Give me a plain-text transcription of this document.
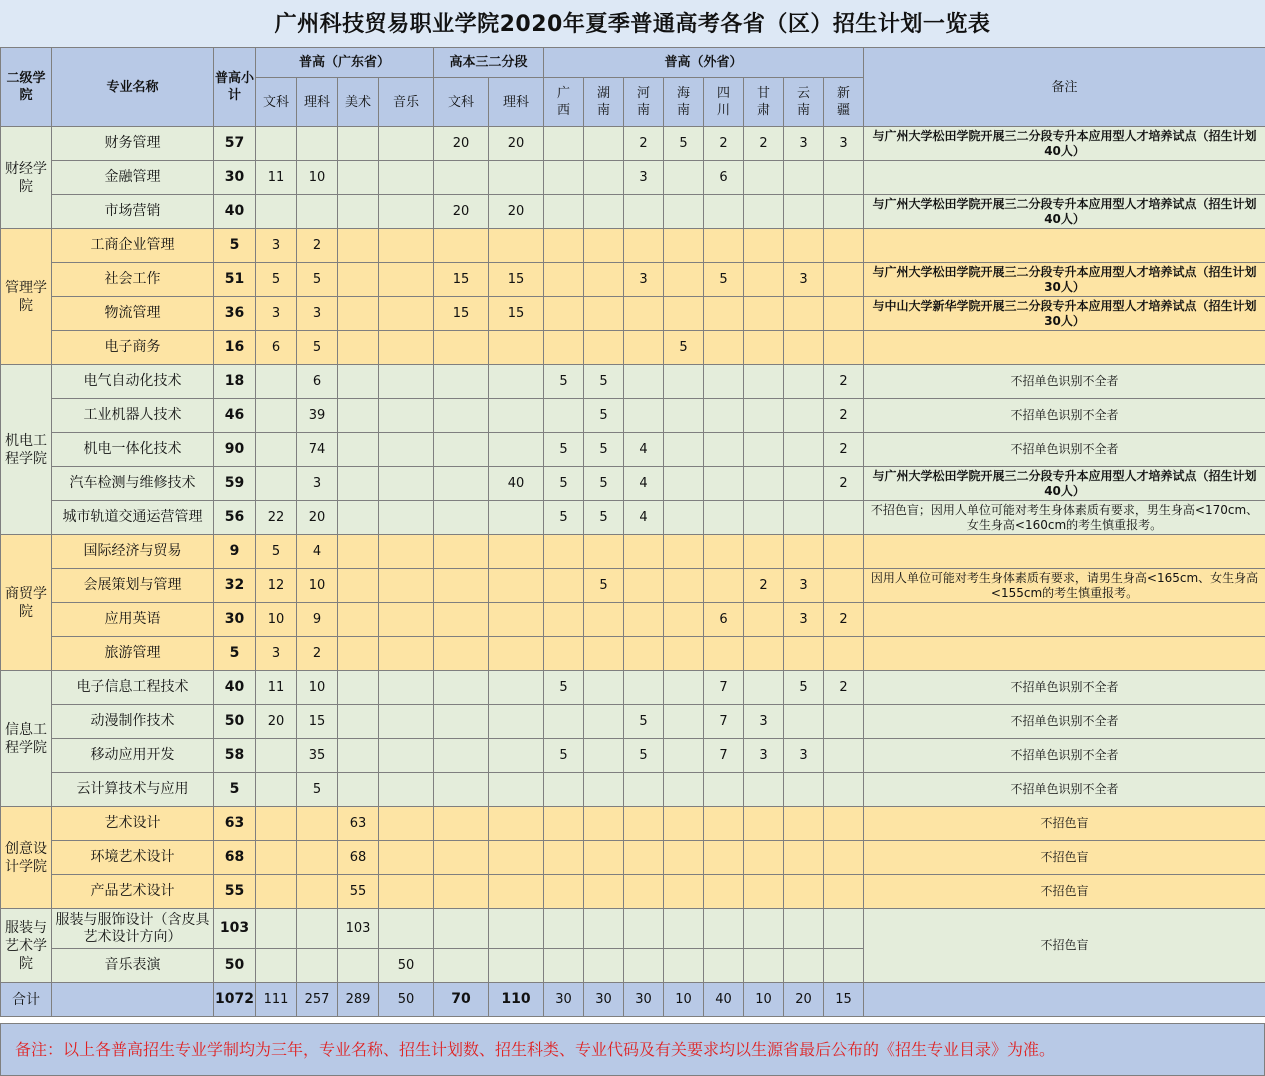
广州科技贸易职业学院2020年夏季普通高考各省（区）招生计划一览表
二级学院	专业名称	普高小计	普高（广东省）				高本三二分段		普高（外省）								备注
			文科	理科	美术	音乐	文科	理科	广西	湖南	河南	海南	四川	甘肃	云南	新疆	
财经学院	财务管理	57					20	20			2	5	2	2	3	3	与广州大学松田学院开展三二分段专升本应用型人才培养试点（招生计划40人）
	金融管理	30	11	10							3		6				
	市场营销	40					20	20									与广州大学松田学院开展三二分段专升本应用型人才培养试点（招生计划40人）
管理学院	工商企业管理	5	3	2													
	社会工作	51	5	5			15	15			3		5		3		与广州大学松田学院开展三二分段专升本应用型人才培养试点（招生计划30人）
	物流管理	36	3	3			15	15									与中山大学新华学院开展三二分段专升本应用型人才培养试点（招生计划30人）
	电子商务	16	6	5								5					
机电工程学院	电气自动化技术	18		6					5	5						2	不招单色识别不全者
	工业机器人技术	46		39						5						2	不招单色识别不全者
	机电一体化技术	90		74					5	5	4					2	不招单色识别不全者
	汽车检测与维修技术	59		3				40	5	5	4					2	与广州大学松田学院开展三二分段专升本应用型人才培养试点（招生计划40人）
	城市轨道交通运营管理	56	22	20					5	5	4						不招色盲；因用人单位可能对考生身体素质有要求，男生身高<170cm、女生身高<160cm的考生慎重报考。
商贸学院	国际经济与贸易	9	5	4													
	会展策划与管理	32	12	10						5				2	3		因用人单位可能对考生身体素质有要求，请男生身高<165cm、女生身高<155cm的考生慎重报考。
	应用英语	30	10	9									6		3	2	
	旅游管理	5	3	2													
信息工程学院	电子信息工程技术	40	11	10					5				7		5	2	不招单色识别不全者
	动漫制作技术	50	20	15							5		7	3			不招单色识别不全者
	移动应用开发	58		35					5		5		7	3	3		不招单色识别不全者
	云计算技术与应用	5		5													不招单色识别不全者
创意设计学院	艺术设计	63			63												不招色盲
	环境艺术设计	68			68												不招色盲
	产品艺术设计	55			55												不招色盲
服装与艺术学院	服装与服饰设计（含皮具艺术设计方向）	103			103												不招色盲
	音乐表演	50				50											
合计		1072	111	257	289	50	70	110	30	30	30	10	40	10	20	15	
备注：以上各普高招生专业学制均为三年，专业名称、招生计划数、招生科类、专业代码及有关要求均以生源省最后公布的《招生专业目录》为准。
